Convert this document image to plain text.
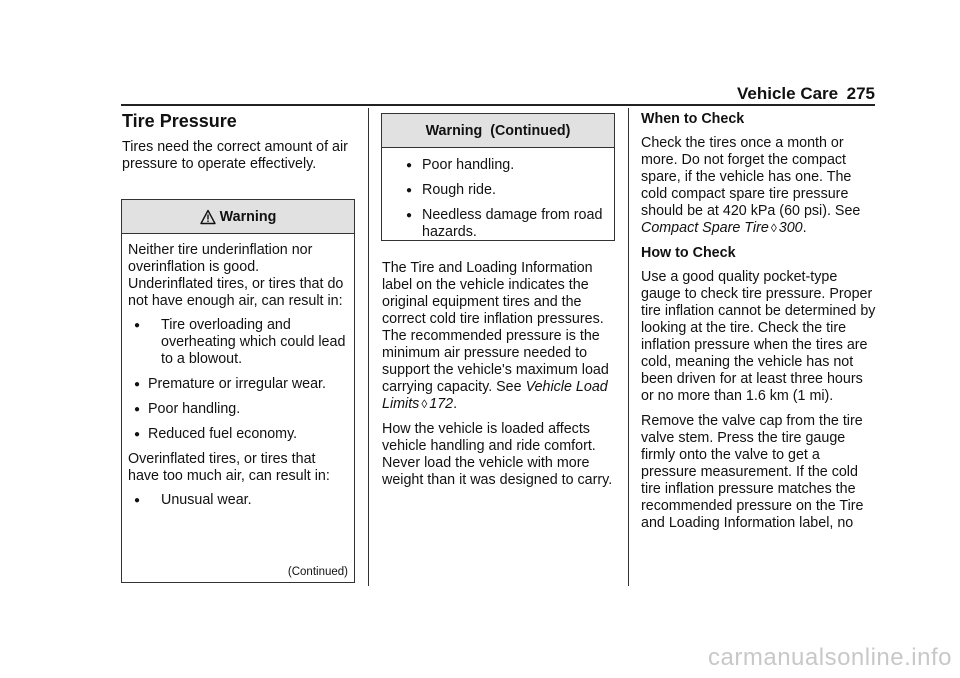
Vehicle Care 275
Tire Pressure

Tires need the correct amount of air pressure to operate effectively.

Warning

Neither tire underinflation nor overinflation is good. Underinflated tires, or tires that do not have enough air, can result in:

● Tire overloading and overheating which could lead to a blowout.
● Premature or irregular wear.
● Poor handling.
● Reduced fuel economy.

Overinflated tires, or tires that have too much air, can result in:

● Unusual wear.
(Continued)
Warning  (Continued)
● Poor handling.
● Rough ride.
● Needless damage from road hazards.

The Tire and Loading Information label on the vehicle indicates the original equipment tires and the correct cold tire inflation pressures. The recommended pressure is the minimum air pressure needed to support the vehicle's maximum load carrying capacity. See Vehicle Load Limits ◊ 172.

How the vehicle is loaded affects vehicle handling and ride comfort. Never load the vehicle with more weight than it was designed to carry.

When to Check

Check the tires once a month or more. Do not forget the compact spare, if the vehicle has one. The cold compact spare tire pressure should be at 420 kPa (60 psi). See Compact Spare Tire ◊ 300.

How to Check

Use a good quality pocket-type gauge to check tire pressure. Proper tire inflation cannot be determined by looking at the tire. Check the tire inflation pressure when the tires are cold, meaning the vehicle has not been driven for at least three hours or no more than 1.6 km (1 mi).

Remove the valve cap from the tire valve stem. Press the tire gauge firmly onto the valve to get a pressure measurement. If the cold tire inflation pressure matches the recommended pressure on the Tire and Loading Information label, no

carmanualsonline.info
